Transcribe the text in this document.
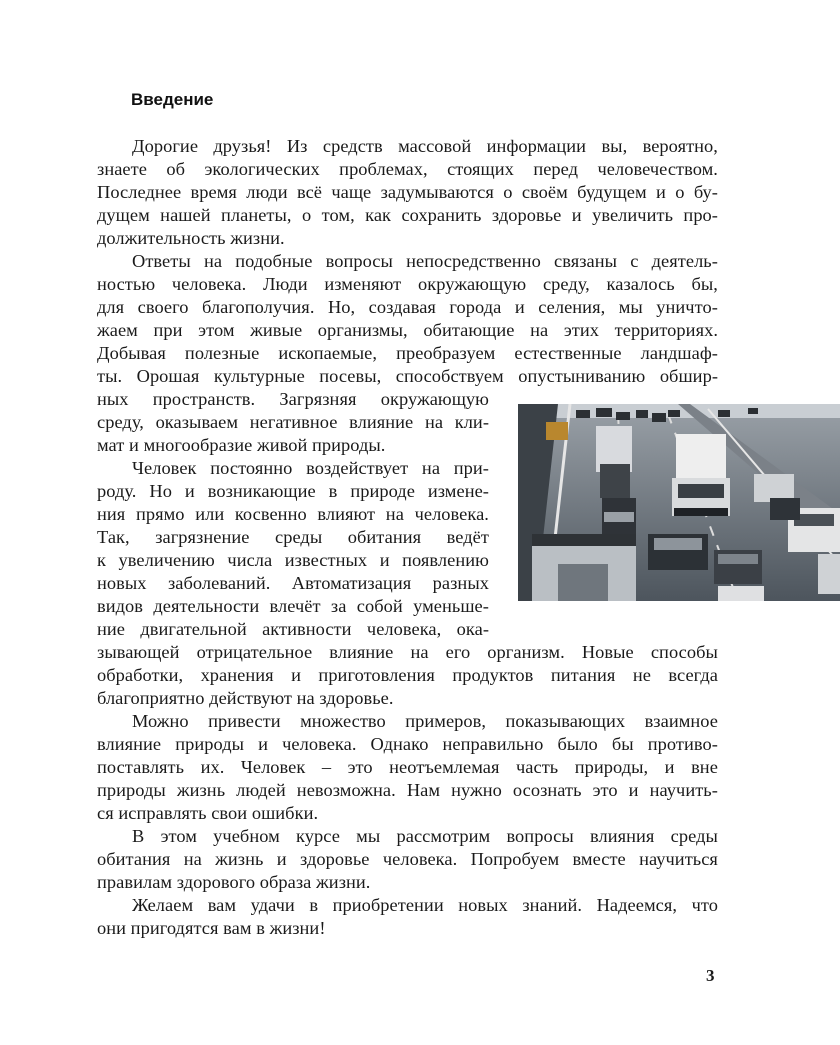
Введение
Дорогие друзья! Из средств массовой информации вы, вероятно,
знаете об экологических проблемах, стоящих перед человечеством.
Последнее время люди всё чаще задумываются о своём будущем и о бу-
дущем нашей планеты, о том, как сохранить здоровье и увеличить про-
должительность жизни.
Ответы на подобные вопросы непосредственно связаны с деятель-
ностью человека. Люди изменяют окружающую среду, казалось бы,
для своего благополучия. Но, создавая города и селения, мы уничто-
жаем при этом живые организмы, обитающие на этих территориях.
Добывая полезные ископаемые, преобразуем естественные ландшаф-
ты. Орошая культурные посевы, способствуем опустыниванию обшир-
ных пространств. Загрязняя окружающую
среду, оказываем негативное влияние на кли-
мат и многообразие живой природы.
Человек постоянно воздействует на при-
роду. Но и возникающие в природе измене-
ния прямо или косвенно влияют на человека.
Так, загрязнение среды обитания ведёт
к увеличению числа известных и появлению
новых заболеваний. Автоматизация разных
видов деятельности влечёт за собой уменьше-
ние двигательной активности человека, ока-
зывающей отрицательное влияние на его организм. Новые способы
обработки, хранения и приготовления продуктов питания не всегда
благоприятно действуют на здоровье.
Можно привести множество примеров, показывающих взаимное
влияние природы и человека. Однако неправильно было бы противо-
поставлять их. Человек – это неотъемлемая часть природы, и вне
природы жизнь людей невозможна. Нам нужно осознать это и научить-
ся исправлять свои ошибки.
В этом учебном курсе мы рассмотрим вопросы влияния среды
обитания на жизнь и здоровье человека. Попробуем вместе научиться
правилам здорового образа жизни.
Желаем вам удачи в приобретении новых знаний. Надеемся, что
они пригодятся вам в жизни!
3
